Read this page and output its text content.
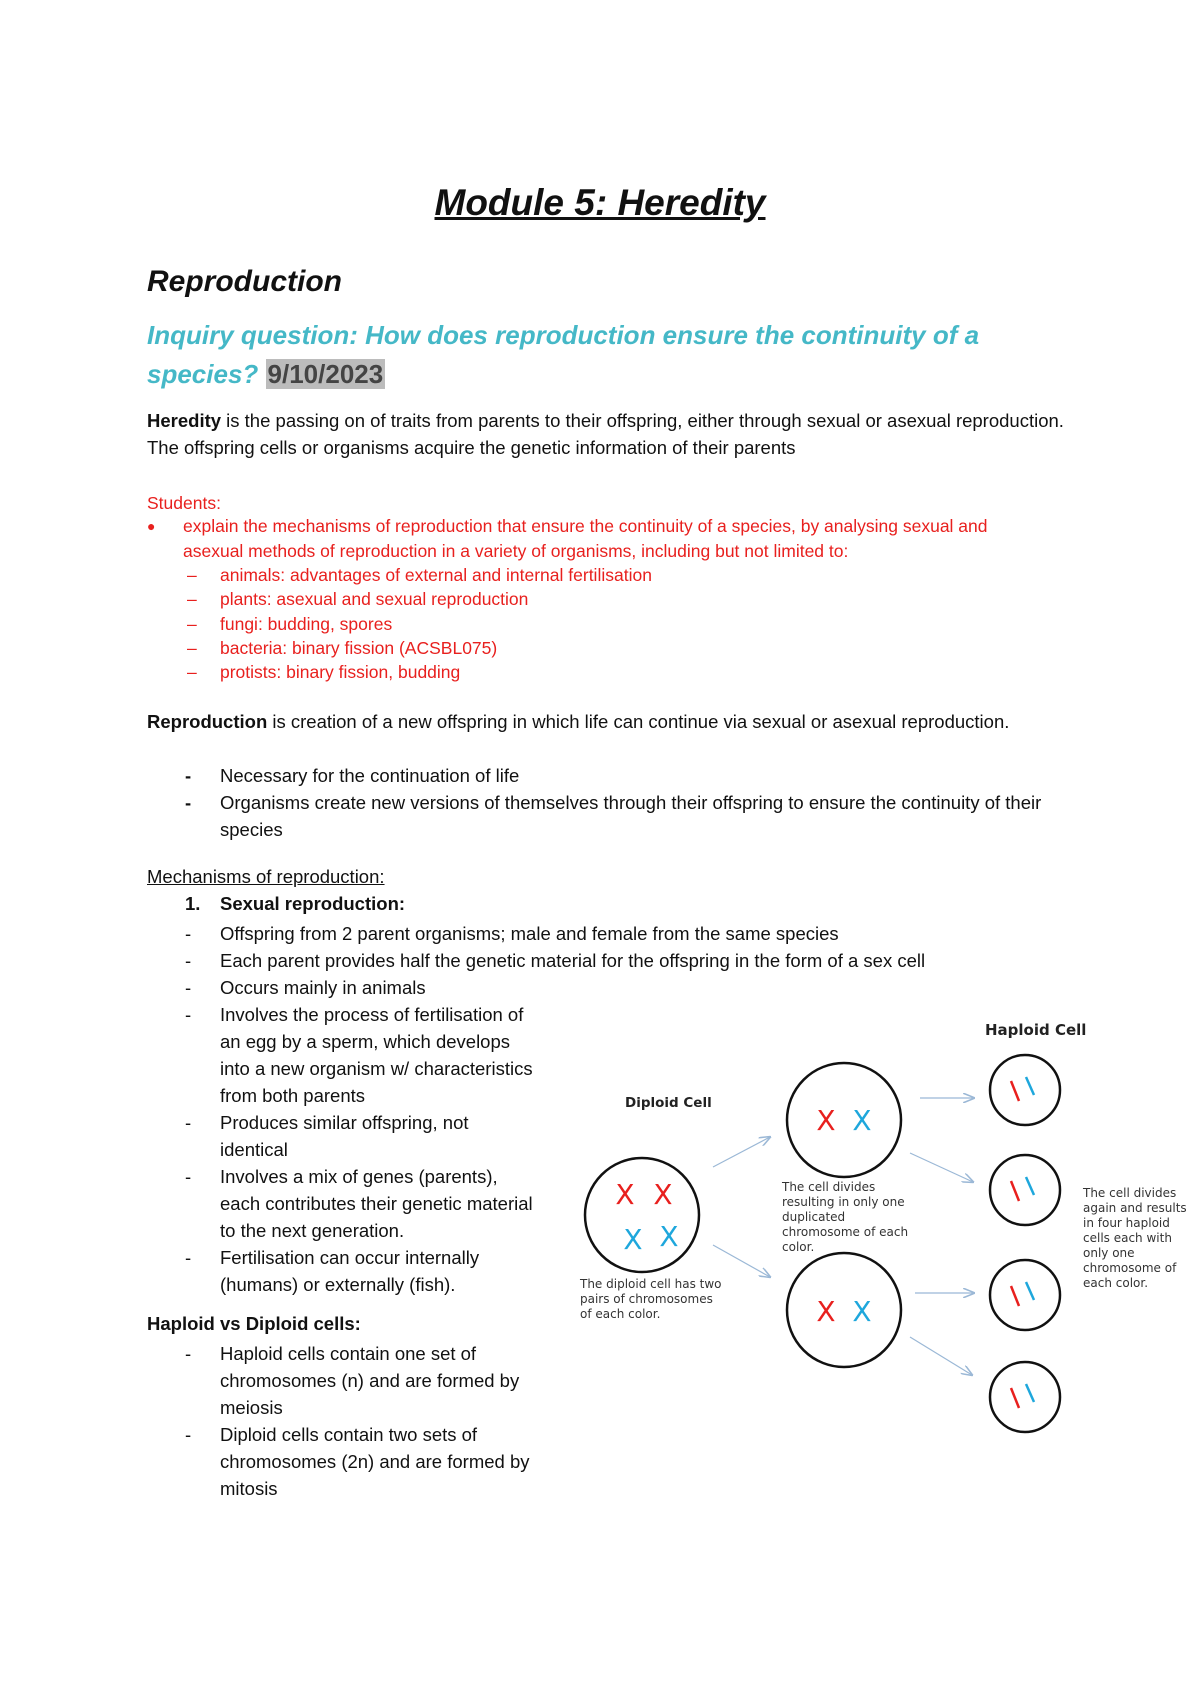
Module 5: Heredity
Reproduction
Inquiry question: How does reproduction ensure the continuity of a species? 9/10/2023
Heredity is the passing on of traits from parents to their offspring, either through sexual or asexual reproduction. The offspring cells or organisms acquire the genetic information of their parents
Students:
● explain the mechanisms of reproduction that ensure the continuity of a species, by analysing sexual and asexual methods of reproduction in a variety of organisms, including but not limited to:
– animals: advantages of external and internal fertilisation
– plants: asexual and sexual reproduction
– fungi: budding, spores
– bacteria: binary fission (ACSBL075)
– protists: binary fission, budding
Reproduction is creation of a new offspring in which life can continue via sexual or asexual reproduction.
- Necessary for the continuation of life
- Organisms create new versions of themselves through their offspring to ensure the continuity of their species
Mechanisms of reproduction:
1. Sexual reproduction:
- Offspring from 2 parent organisms; male and female from the same species
- Each parent provides half the genetic material for the offspring in the form of a sex cell
- Occurs mainly in animals
- Involves the process of fertilisation of an egg by a sperm, which develops into a new organism w/ characteristics from both parents
- Produces similar offspring, not identical
- Involves a mix of genes (parents), each contributes their genetic material to the next generation.
- Fertilisation can occur internally (humans) or externally (fish).
Haploid vs Diploid cells:
- Haploid cells contain one set of chromosomes (n) and are formed by meiosis
- Diploid cells contain two sets of chromosomes (2n) and are formed by mitosis
Haploid Cell
Diploid Cell
X X
X X
X X
X X
The diploid cell has two
pairs of chromosomes
of each color.
The cell divides
resulting in only one
duplicated
chromosome of each
color.
The cell divides
again and results
in four haploid
cells each with
only one
chromosome of
each color.
